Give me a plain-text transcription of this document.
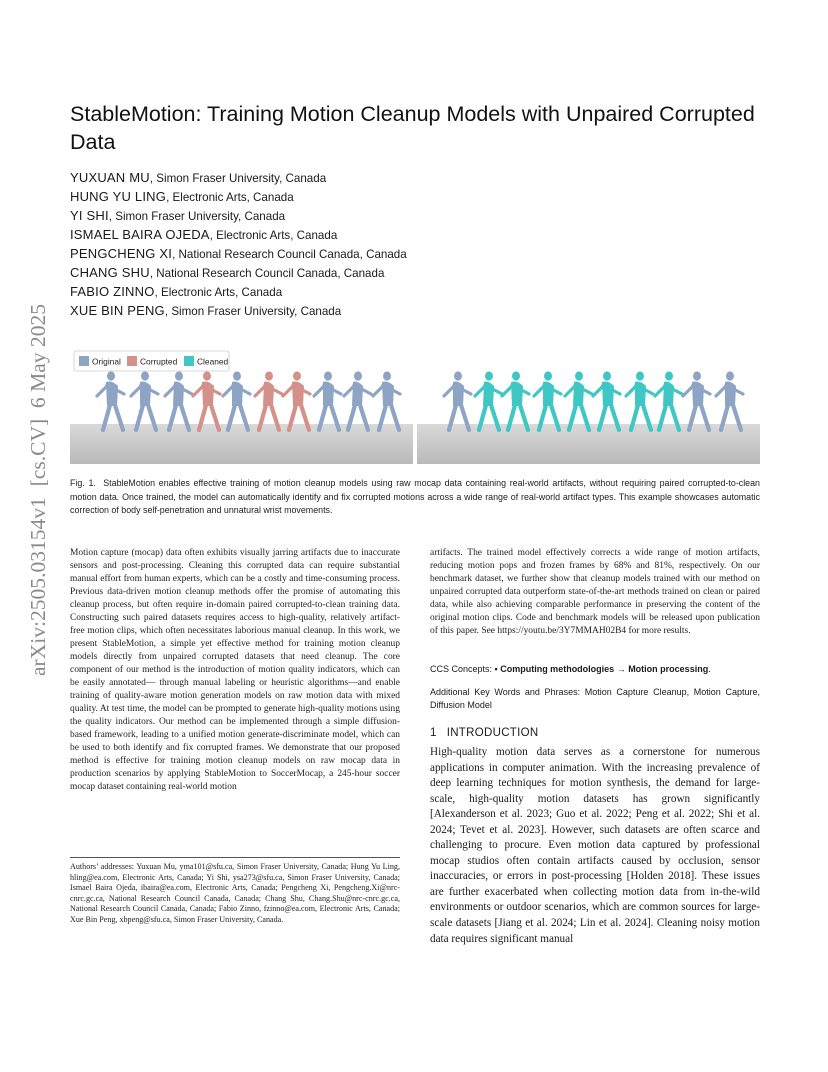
arXiv:2505.03154v1  [cs.CV]  6 May 2025
StableMotion: Training Motion Cleanup Models with Unpaired Corrupted Data
YUXUAN MU, Simon Fraser University, Canada
HUNG YU LING, Electronic Arts, Canada
YI SHI, Simon Fraser University, Canada
ISMAEL BAIRA OJEDA, Electronic Arts, Canada
PENGCHENG XI, National Research Council Canada, Canada
CHANG SHU, National Research Council Canada, Canada
FABIO ZINNO, Electronic Arts, Canada
XUE BIN PENG, Simon Fraser University, Canada
Original Corrupted Cleaned

Fig. 1. StableMotion enables effective training of motion cleanup models using raw mocap data containing real-world artifacts, without requiring paired corrupted-to-clean motion data. Once trained, the model can automatically identify and fix corrupted motions across a wide range of real-world artifact types. This example showcases automatic correction of body self-penetration and unnatural wrist movements.

Motion capture (mocap) data often exhibits visually jarring artifacts due to inaccurate sensors and post-processing. Cleaning this corrupted data can require substantial manual effort from human experts, which can be a costly and time-consuming process. Previous data-driven motion cleanup methods offer the promise of automating this cleanup process, but often require in-domain paired corrupted-to-clean training data. Constructing such paired datasets requires access to high-quality, relatively artifact-free motion clips, which often necessitates laborious manual cleanup. In this work, we present StableMotion, a simple yet effective method for training motion cleanup models directly from unpaired corrupted datasets that need cleanup. The core component of our method is the introduction of motion quality indicators, which can be easily annotated— through manual labeling or heuristic algorithms—and enable training of quality-aware motion generation models on raw motion data with mixed quality. At test time, the model can be prompted to generate high-quality motions using the quality indicators. Our method can be implemented through a simple diffusion-based framework, leading to a unified motion generate-discriminate model, which can be used to both identify and fix corrupted frames. We demonstrate that our proposed method is effective for training motion cleanup models on raw mocap data in production scenarios by applying StableMotion to SoccerMocap, a 245-hour soccer mocap dataset containing real-world motion

artifacts. The trained model effectively corrects a wide range of motion artifacts, reducing motion pops and frozen frames by 68% and 81%, respectively. On our benchmark dataset, we further show that cleanup models trained with our method on unpaired corrupted data outperform state-of-the-art methods trained on clean or paired data, while also achieving comparable performance in preserving the content of the original motion clips. Code and benchmark models will be released upon publication of this paper. See https://youtu.be/3Y7MMAH02B4 for more results.

CCS Concepts: • Computing methodologies → Motion processing.

Additional Key Words and Phrases: Motion Capture Cleanup, Motion Capture, Diffusion Model

1 INTRODUCTION

High-quality motion data serves as a cornerstone for numerous applications in computer animation. With the increasing prevalence of deep learning techniques for motion synthesis, the demand for large-scale, high-quality motion datasets has grown significantly [Alexanderson et al. 2023; Guo et al. 2022; Peng et al. 2022; Shi et al. 2024; Tevet et al. 2023]. However, such datasets are often scarce and challenging to procure. Even motion data captured by professional mocap studios often contain artifacts caused by occlusion, sensor inaccuracies, or errors in post-processing [Holden 2018]. These issues are further exacerbated when collecting motion data from in-the-wild environments or outdoor scenarios, which are common sources for large-scale datasets [Jiang et al. 2024; Lin et al. 2024]. Cleaning noisy motion data requires significant manual

Authors’ addresses: Yuxuan Mu, yma101@sfu.ca, Simon Fraser University, Canada; Hung Yu Ling, hling@ea.com, Electronic Arts, Canada; Yi Shi, ysa273@sfu.ca, Simon Fraser University, Canada; Ismael Baira Ojeda, ibaira@ea.com, Electronic Arts, Canada; Pengcheng Xi, Pengcheng.Xi@nrc-cnrc.gc.ca, National Research Council Canada, Canada; Chang Shu, Chang.Shu@nrc-cnrc.gc.ca, National Research Council Canada, Canada; Fabio Zinno, fzinno@ea.com, Electronic Arts, Canada; Xue Bin Peng, xbpeng@sfu.ca, Simon Fraser University, Canada.
